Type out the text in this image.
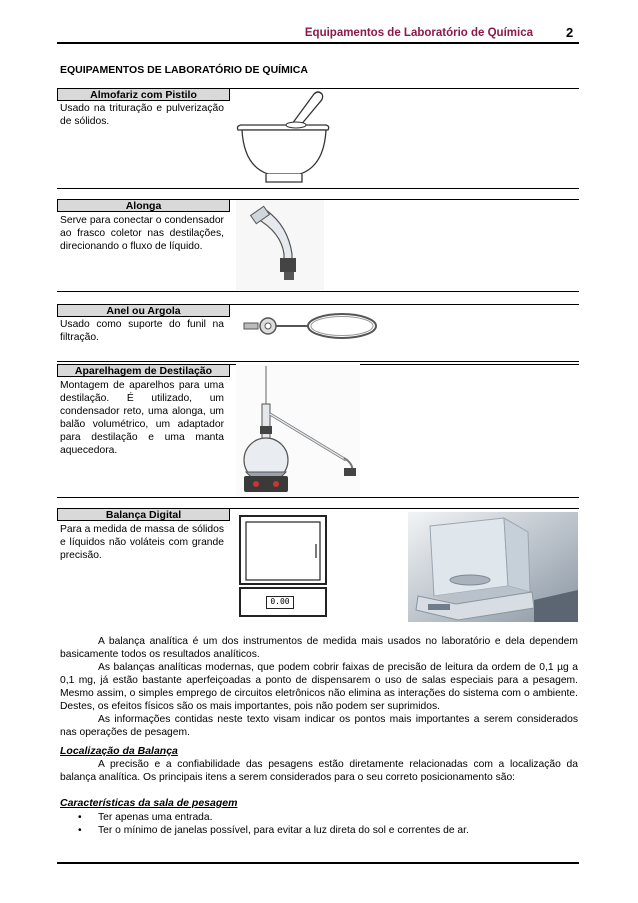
Equipamentos de Laboratório de Química	2
EQUIPAMENTOS DE LABORATÓRIO DE QUÍMICA
Almofariz com Pistilo
Usado na trituração e pulverização de sólidos.
Alonga
Serve para conectar o condensador ao frasco coletor nas destilações, direcionando o fluxo de líquido.
Anel ou Argola
Usado como suporte do funil na filtração.
Aparelhagem de Destilação
Montagem de aparelhos para uma destilação. É utilizado, um condensador reto, uma alonga, um balão volumétrico, um adaptador para destilação e uma manta aquecedora.
Balança Digital
Para a medida de massa de sólidos e líquidos não voláteis com grande precisão.
0.00
A balança analítica é um dos instrumentos de medida mais usados no laboratório e dela dependem basicamente todos os resultados analíticos.
As balanças analíticas modernas, que podem cobrir faixas de precisão de leitura da ordem de 0,1 µg a 0,1 mg, já estão bastante aperfeiçoadas a ponto de dispensarem o uso de salas especiais para a pesagem. Mesmo assim, o simples emprego de circuitos eletrônicos não elimina as interações do sistema com o ambiente. Destes, os efeitos físicos são os mais importantes, pois não podem ser suprimidos.
As informações contidas neste texto visam indicar os pontos mais importantes a serem considerados nas operações de pesagem.
Localização da Balança
A precisão e a confiabilidade das pesagens estão diretamente relacionadas com a localização da balança analítica. Os principais itens a serem considerados para o seu correto posicionamento são:
Características da sala de pesagem
• Ter apenas uma entrada.
• Ter o mínimo de janelas possível, para evitar a luz direta do sol e correntes de ar.
